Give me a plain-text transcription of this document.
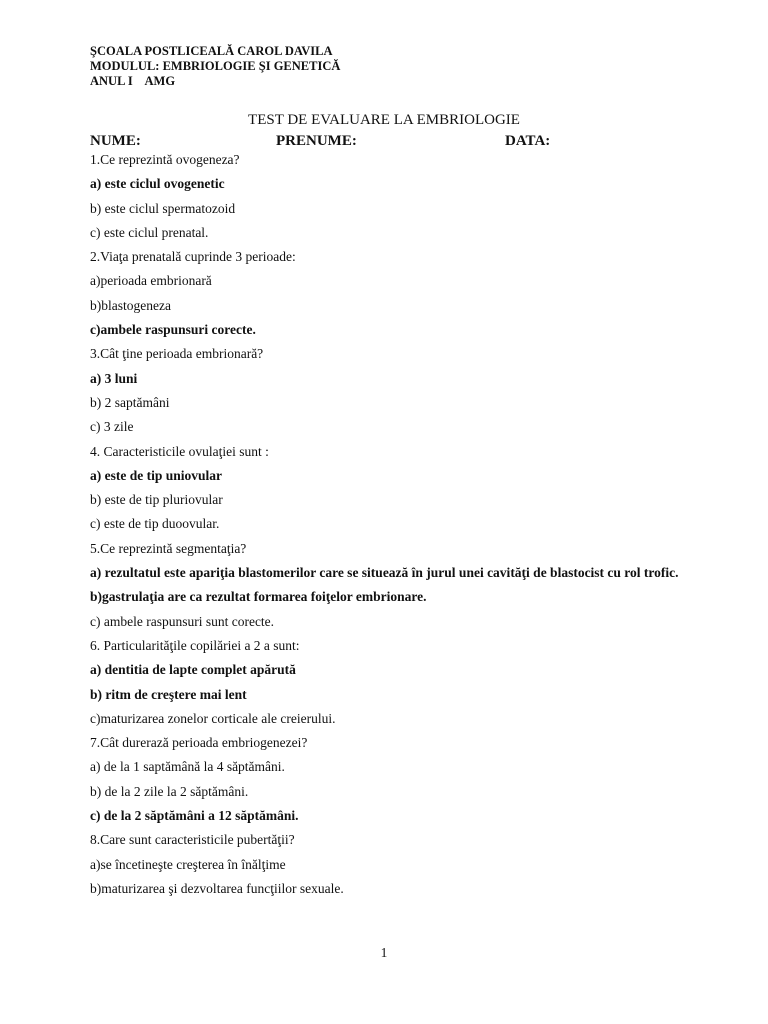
ŞCOALA POSTLICEALĂ CAROL DAVILA
MODULUL: EMBRIOLOGIE ŞI GENETICĂ
ANUL I    AMG
TEST DE EVALUARE LA EMBRIOLOGIE
NUME:	PRENUME:	DATA:
1.Ce reprezintă ovogeneza?
a) este ciclul ovogenetic
b) este ciclul spermatozoid
c) este ciclul prenatal.
2.Viaţa prenatală cuprinde 3 perioade:
a)perioada embrionară
b)blastogeneza
c)ambele raspunsuri corecte.
3.Cât ţine perioada embrionară?
a) 3 luni
b) 2 saptămâni
c) 3 zile
4. Caracteristicile ovulaţiei sunt :
a) este de tip uniovular
b) este de tip pluriovular
c) este de tip duoovular.
5.Ce reprezintă segmentaţia?
a) rezultatul este apariţia blastomerilor care se situează în jurul unei cavităţi de blastocist cu rol trofic.
b)gastrulaţia are ca rezultat formarea foiţelor embrionare.
c) ambele raspunsuri sunt corecte.
6. Particularităţile copilăriei a 2 a sunt:
a) dentitia de lapte complet apărută
b) ritm de creştere mai lent
c)maturizarea zonelor corticale ale creierului.
7.Cât durerază perioada embriogenezei?
a) de la 1 saptămână la 4 săptămâni.
b) de la 2 zile la 2 săptămâni.
c) de la 2 săptămâni a 12 săptămâni.
8.Care sunt caracteristicile pubertăţii?
a)se încetineşte creşterea în înălţime
b)maturizarea şi dezvoltarea funcţiilor sexuale.
1
